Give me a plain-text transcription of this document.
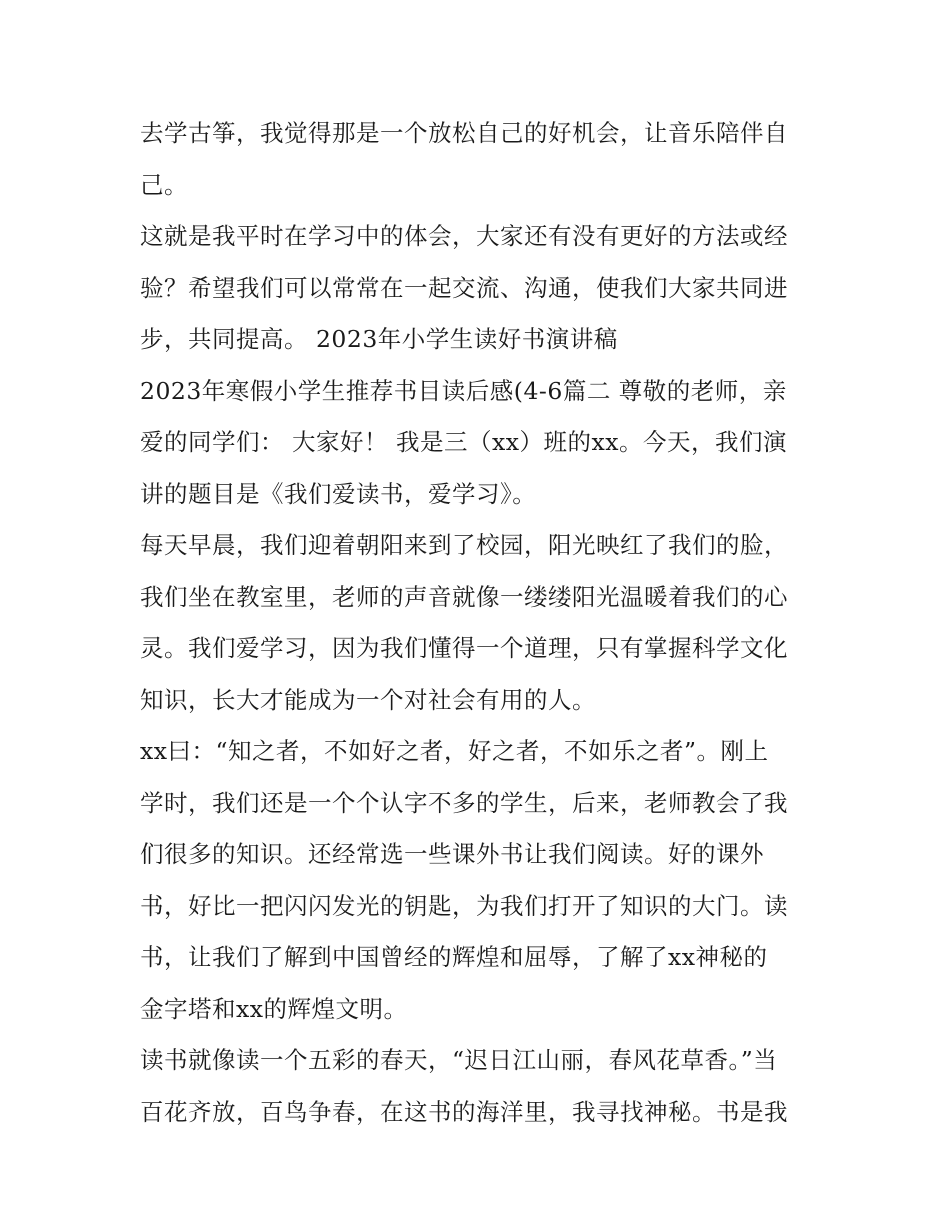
去学古筝，我觉得那是一个放松自己的好机会，让音乐陪伴自
己。
这就是我平时在学习中的体会，大家还有没有更好的方法或经
验？希望我们可以常常在一起交流、沟通，使我们大家共同进
步，共同提高。 2023年小学生读好书演讲稿
2023年寒假小学生推荐书目读后感(4-6篇二 尊敬的老师，亲
爱的同学们： 大家好！ 我是三（xx）班的xx。今天，我们演
讲的题目是《我们爱读书，爱学习》。
每天早晨，我们迎着朝阳来到了校园，阳光映红了我们的脸，
我们坐在教室里，老师的声音就像一缕缕阳光温暖着我们的心
灵。我们爱学习，因为我们懂得一个道理，只有掌握科学文化
知识，长大才能成为一个对社会有用的人。
xx曰：“知之者，不如好之者，好之者，不如乐之者”。刚上
学时，我们还是一个个认字不多的学生，后来，老师教会了我
们很多的知识。还经常选一些课外书让我们阅读。好的课外
书，好比一把闪闪发光的钥匙，为我们打开了知识的大门。读
书，让我们了解到中国曾经的辉煌和屈辱，了解了xx神秘的
金字塔和xx的辉煌文明。
读书就像读一个五彩的春天，“迟日江山丽，春风花草香。”当
百花齐放，百鸟争春，在这书的海洋里，我寻找神秘。书是我
